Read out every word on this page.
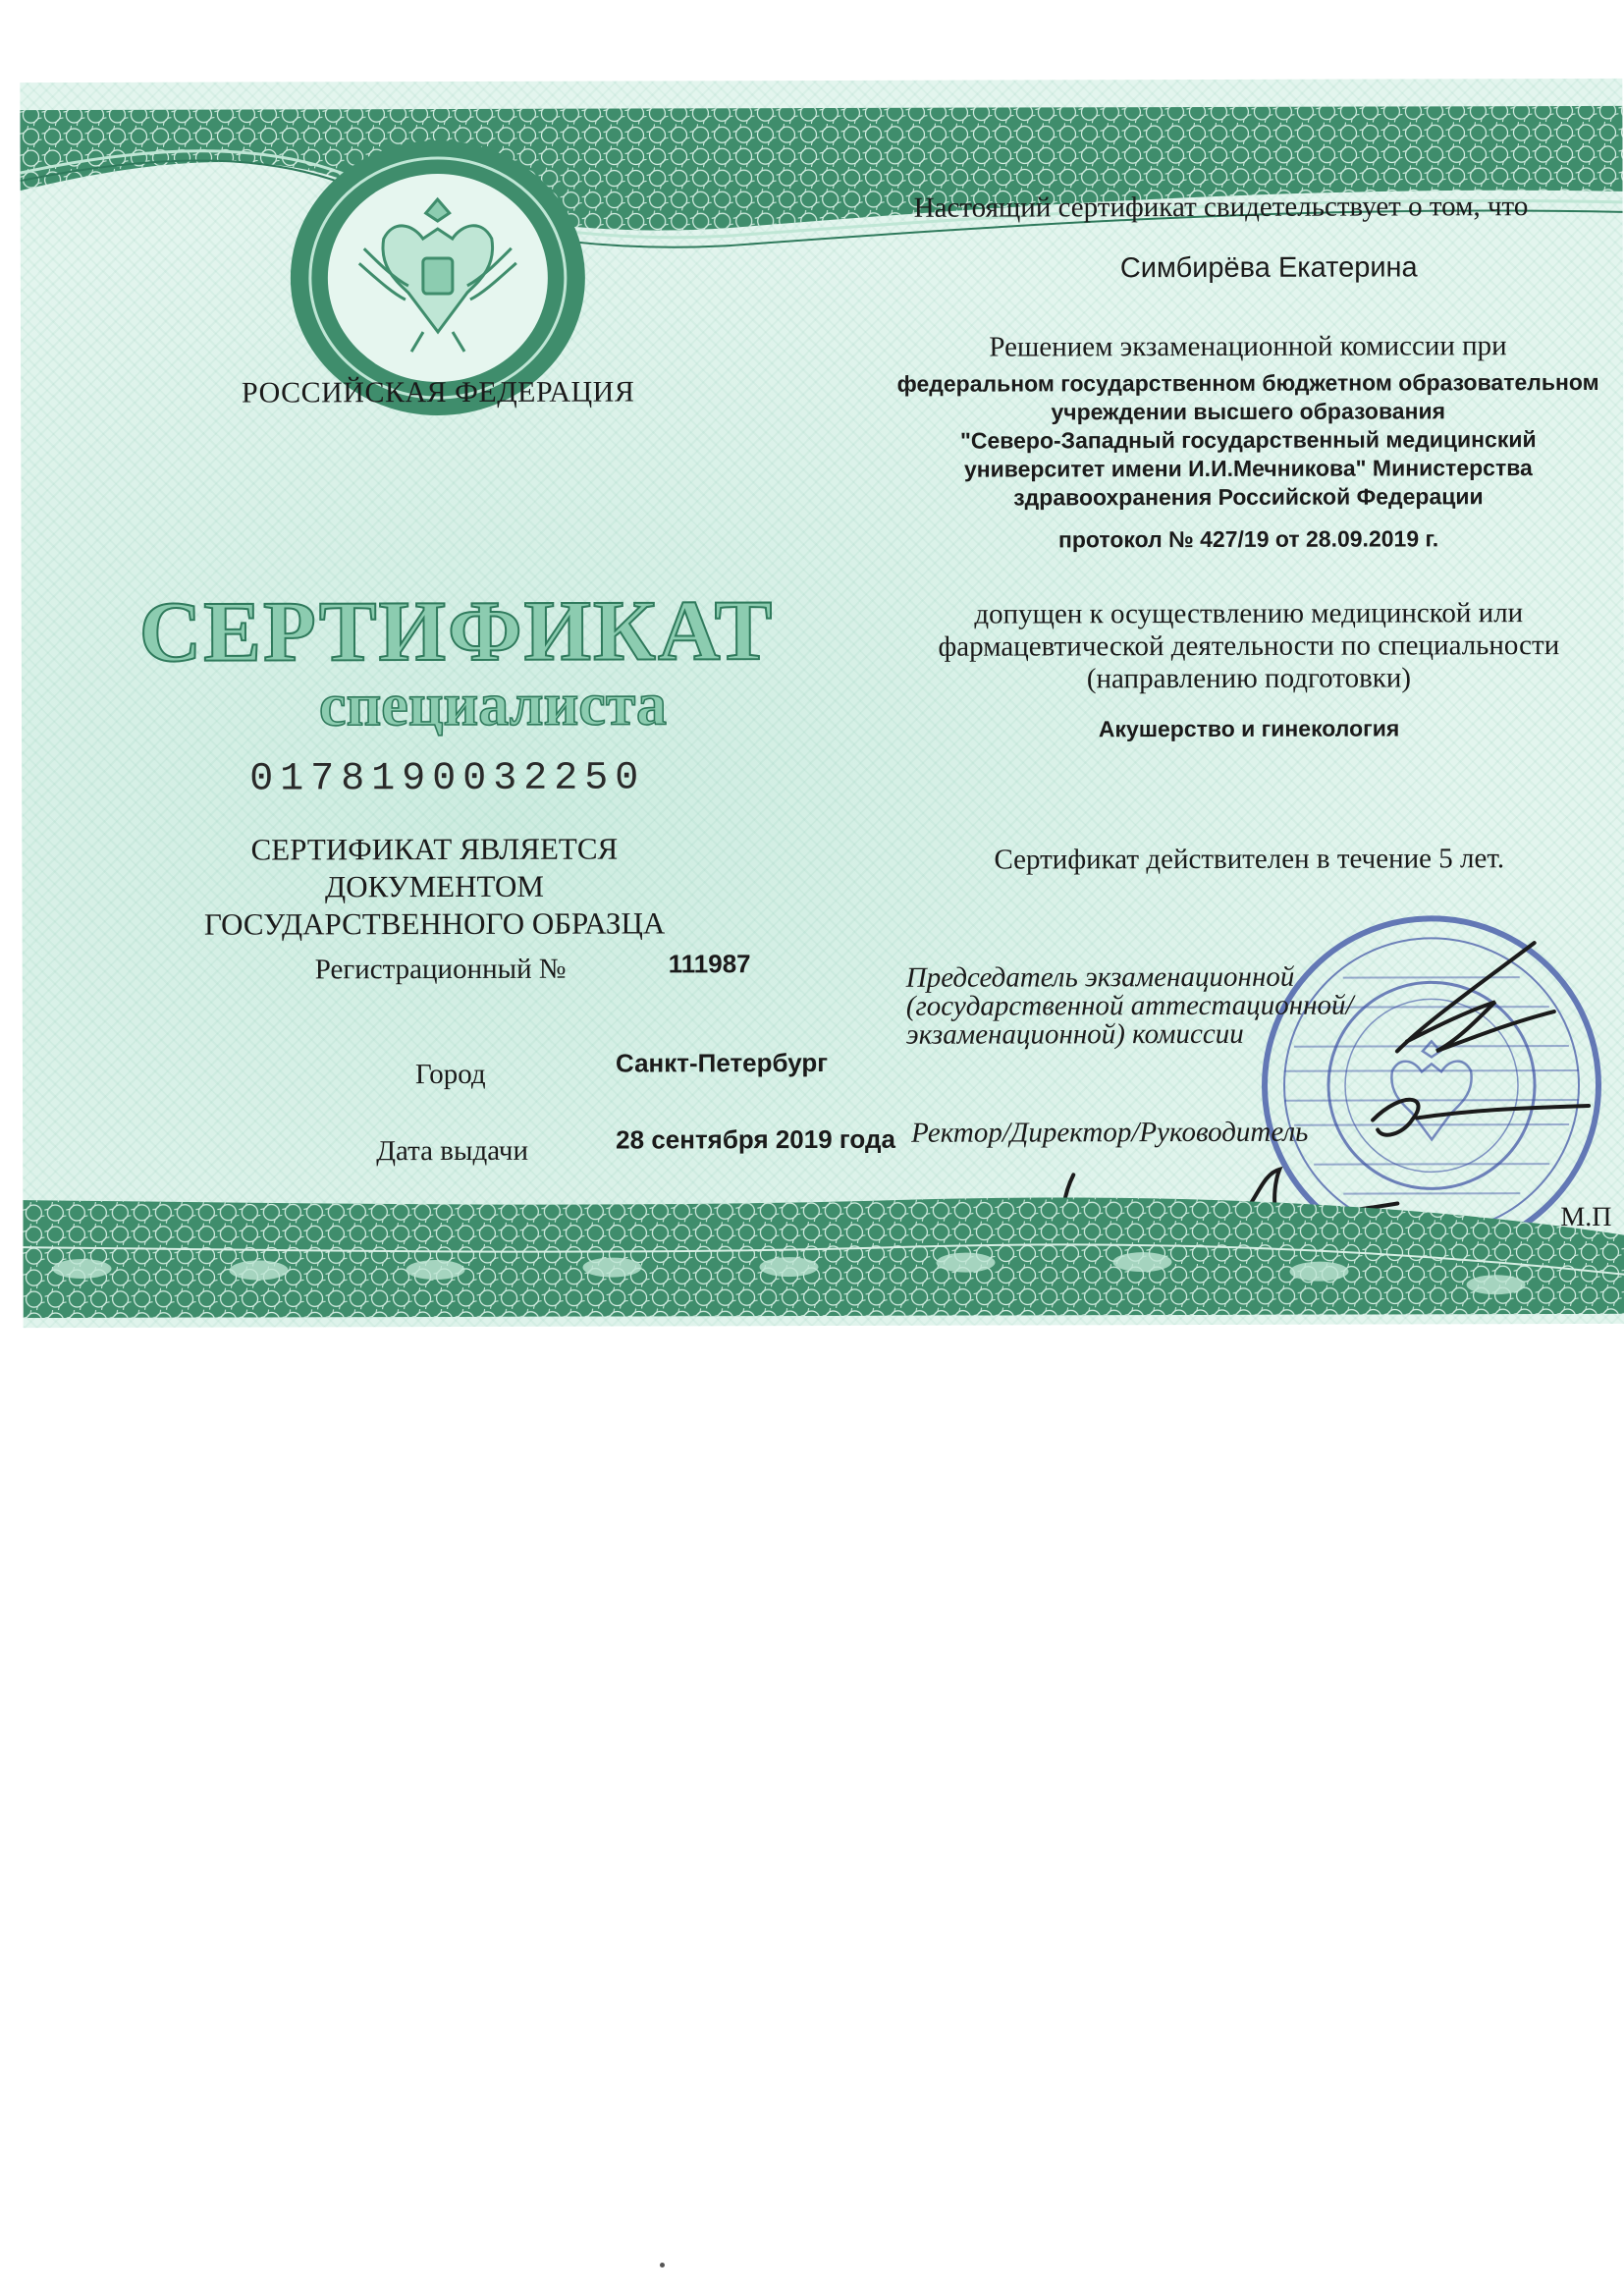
РОССИЙСКАЯ ФЕДЕРАЦИЯ
СЕРТИФИКАТ
специалиста
0178190032250
СЕРТИФИКАТ ЯВЛЯЕТСЯ ДОКУМЕНТОМ
ГОСУДАРСТВЕННОГО ОБРАЗЦА
Регистрационный №	111987
Город	Санкт-Петербург
Дата выдачи	28 сентября 2019 года
Настоящий сертификат свидетельствует о том, что
Симбирёва Екатерина
Решением экзаменационной комиссии при
федеральном государственном бюджетном образовательном
учреждении высшего образования
"Северо-Западный государственный медицинский
университет имени И.И.Мечникова" Министерства
здравоохранения Российской Федерации
протокол № 427/19 от 28.09.2019 г.
допущен к осуществлению медицинской или
фармацевтической деятельности по специальности
(направлению подготовки)
Акушерство и гинекология
Сертификат действителен в течение 5 лет.
Председатель экзаменационной
(государственной аттестационной/
экзаменационной) комиссии
Ректор/Директор/Руководитель
М.П
